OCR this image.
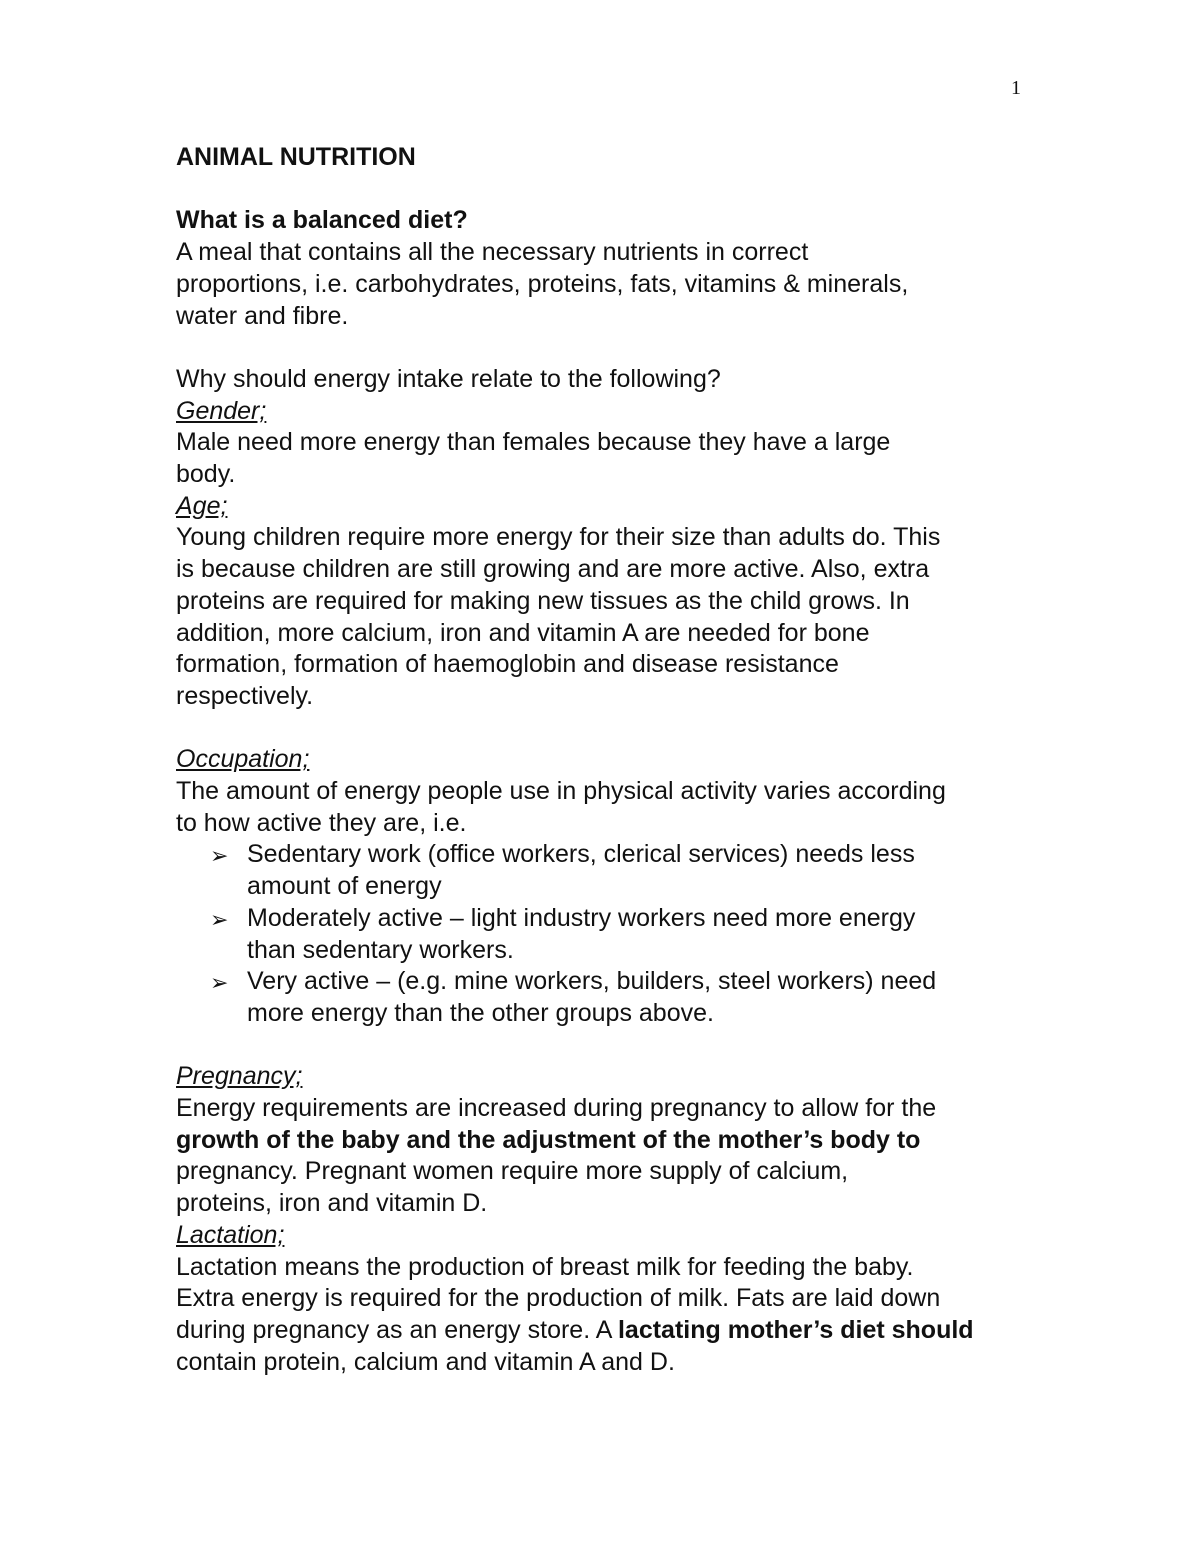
1

ANIMAL NUTRITION

What is a balanced diet?

A meal that contains all the necessary nutrients in correct

proportions, i.e. carbohydrates, proteins, fats, vitamins & minerals,

water and fibre.

Why should energy intake relate to the following?

Gender;

Male need more energy than females because they have a large

body.

Age;

Young children require more energy for their size than adults do. This

is because children are still growing and are more active. Also, extra

proteins are required for making new tissues as the child grows. In

addition, more calcium, iron and vitamin A are needed for bone

formation, formation of haemoglobin and disease resistance

respectively.

Occupation;

The amount of energy people use in physical activity varies according

to how active they are, i.e.

➢ Sedentary work (office workers, clerical services) needs less
amount of energy
➢ Moderately active – light industry workers need more energy
than sedentary workers.
➢ Very active – (e.g. mine workers, builders, steel workers) need
more energy than the other groups above.

Pregnancy;

Energy requirements are increased during pregnancy to allow for the

growth of the baby and the adjustment of the mother’s body to

pregnancy. Pregnant women require more supply of calcium,

proteins, iron and vitamin D.

Lactation;

Lactation means the production of breast milk for feeding the baby.

Extra energy is required for the production of milk. Fats are laid down

during pregnancy as an energy store. A lactating mother’s diet should

contain protein, calcium and vitamin A and D.
